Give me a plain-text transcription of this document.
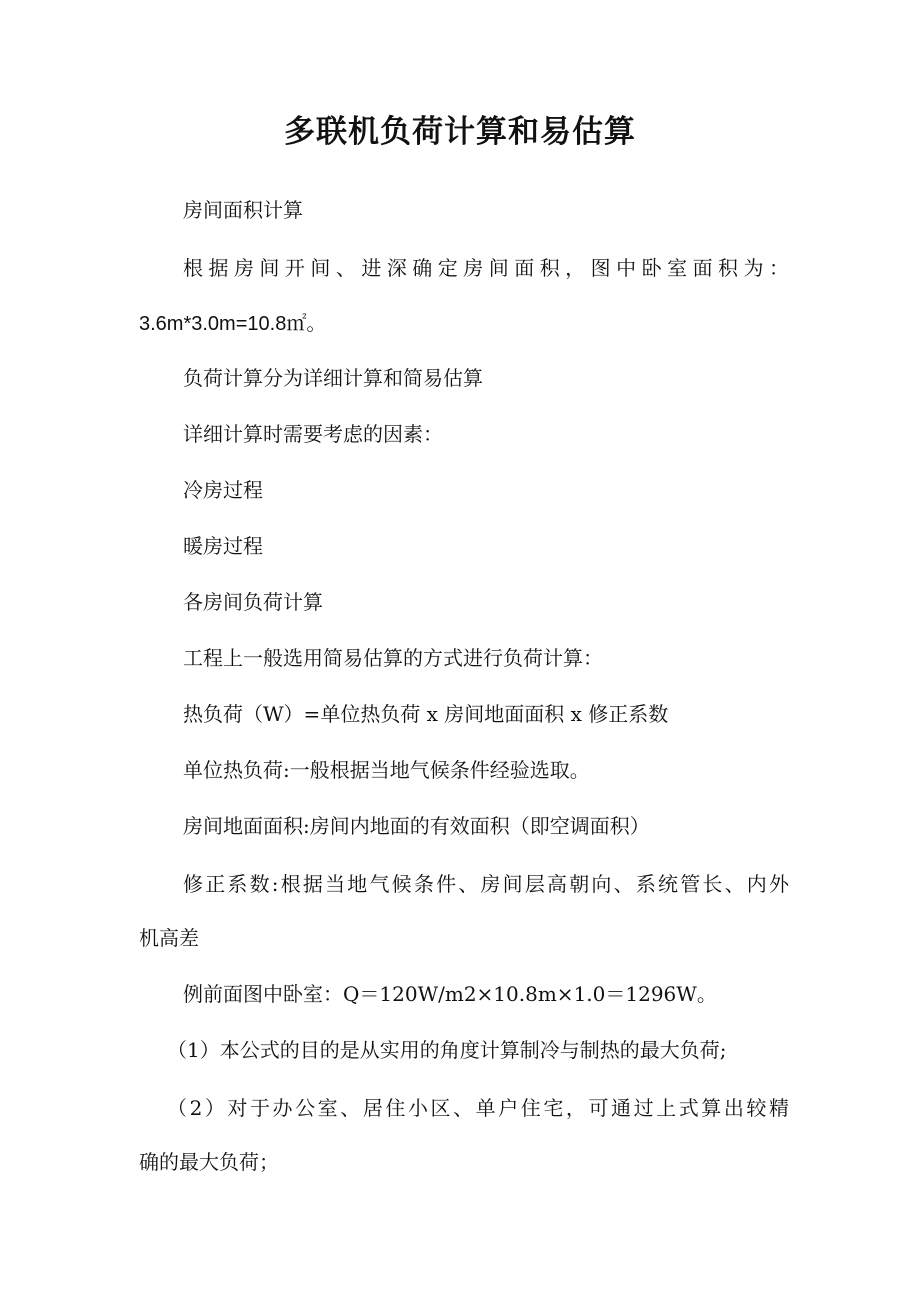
多联机负荷计算和易估算

房间面积计算

根据房间开间、进深确定房间面积，图中卧室面积为：

3.6m*3.0m=10.8㎡。

负荷计算分为详细计算和简易估算

详细计算时需要考虑的因素：

冷房过程

暖房过程

各房间负荷计算

工程上一般选用简易估算的方式进行负荷计算：

热负荷（W）=单位热负荷 x 房间地面面积 x 修正系数

单位热负荷:一般根据当地气候条件经验选取。

房间地面面积:房间内地面的有效面积（即空调面积）

修正系数:根据当地气候条件、房间层高朝向、系统管长、内外

机高差

例前面图中卧室：Q＝120W/m2×10.8m×1.0＝1296W。

（1）本公式的目的是从实用的角度计算制冷与制热的最大负荷;

（2）对于办公室、居住小区、单户住宅，可通过上式算出较精

确的最大负荷；
